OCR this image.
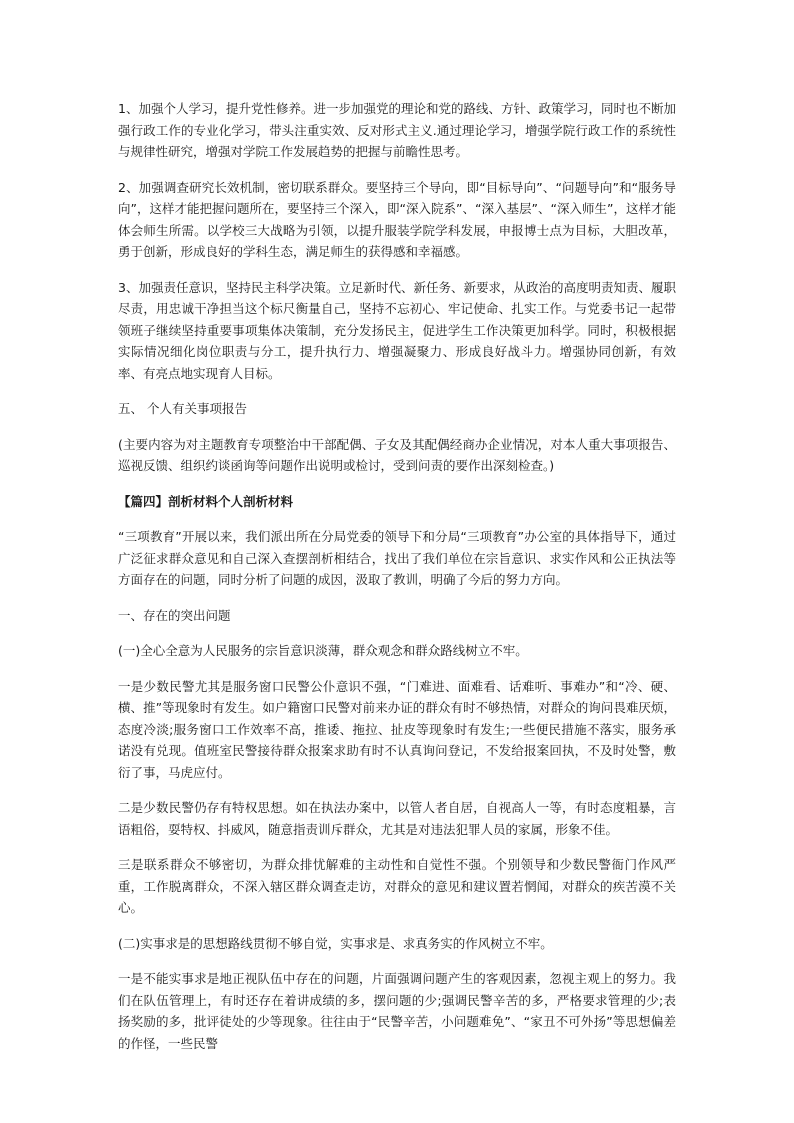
1、加强个人学习，提升党性修养。进一步加强党的理论和党的路线、方针、政策学习，同时也不断加强行政工作的专业化学习，带头注重实效、反对形式主义.通过理论学习，增强学院行政工作的系统性与规律性研究，增强对学院工作发展趋势的把握与前瞻性思考。

2、加强调查研究长效机制，密切联系群众。要坚持三个导向，即“目标导向”、“问题导向”和“服务导向”，这样才能把握问题所在，要坚持三个深入，即“深入院系”、“深入基层”、“深入师生”，这样才能体会师生所需。以学校三大战略为引领，以提升服装学院学科发展，申报博士点为目标，大胆改革，勇于创新，形成良好的学科生态，满足师生的获得感和幸福感。

3、加强责任意识，坚持民主科学决策。立足新时代、新任务、新要求，从政治的高度明责知责、履职尽责，用忠诚干净担当这个标尺衡量自己，坚持不忘初心、牢记使命、扎实工作。与党委书记一起带领班子继续坚持重要事项集体决策制，充分发扬民主，促进学生工作决策更加科学。同时，积极根据实际情况细化岗位职责与分工，提升执行力、增强凝聚力、形成良好战斗力。增强协同创新，有效率、有亮点地实现育人目标。

五、 个人有关事项报告

(主要内容为对主题教育专项整治中干部配偶、子女及其配偶经商办企业情况，对本人重大事项报告、巡视反馈、组织约谈函询等问题作出说明或检讨，受到问责的要作出深刻检查。)

【篇四】剖析材料个人剖析材料

“三项教育”开展以来，我们派出所在分局党委的领导下和分局“三项教育”办公室的具体指导下，通过广泛征求群众意见和自己深入查摆剖析相结合，找出了我们单位在宗旨意识、求实作风和公正执法等方面存在的问题，同时分析了问题的成因，汲取了教训，明确了今后的努力方向。

一、存在的突出问题

(一)全心全意为人民服务的宗旨意识淡薄，群众观念和群众路线树立不牢。

一是少数民警尤其是服务窗口民警公仆意识不强，“门难进、面难看、话难听、事难办”和“冷、硬、横、推”等现象时有发生。如户籍窗口民警对前来办证的群众有时不够热情，对群众的询问畏难厌烦，态度冷淡;服务窗口工作效率不高，推诿、拖拉、扯皮等现象时有发生;一些便民措施不落实，服务承诺没有兑现。值班室民警接待群众报案求助有时不认真询问登记，不发给报案回执，不及时处警，敷衍了事，马虎应付。

二是少数民警仍存有特权思想。如在执法办案中，以管人者自居，自视高人一等，有时态度粗暴，言语粗俗，耍特权、抖威风，随意指责训斥群众，尤其是对违法犯罪人员的家属，形象不佳。

三是联系群众不够密切，为群众排忧解难的主动性和自觉性不强。个别领导和少数民警衙门作风严重，工作脱离群众，不深入辖区群众调查走访，对群众的意见和建议置若惘闻，对群众的疾苦漠不关心。

(二)实事求是的思想路线贯彻不够自觉，实事求是、求真务实的作风树立不牢。

一是不能实事求是地正视队伍中存在的问题，片面强调问题产生的客观因素，忽视主观上的努力。我们在队伍管理上，有时还存在着讲成绩的多，摆问题的少;强调民警辛苦的多，严格要求管理的少;表扬奖励的多，批评徒处的少等现象。往往由于“民警辛苦，小问题难免”、“家丑不可外扬”等思想偏差的作怪，一些民警
